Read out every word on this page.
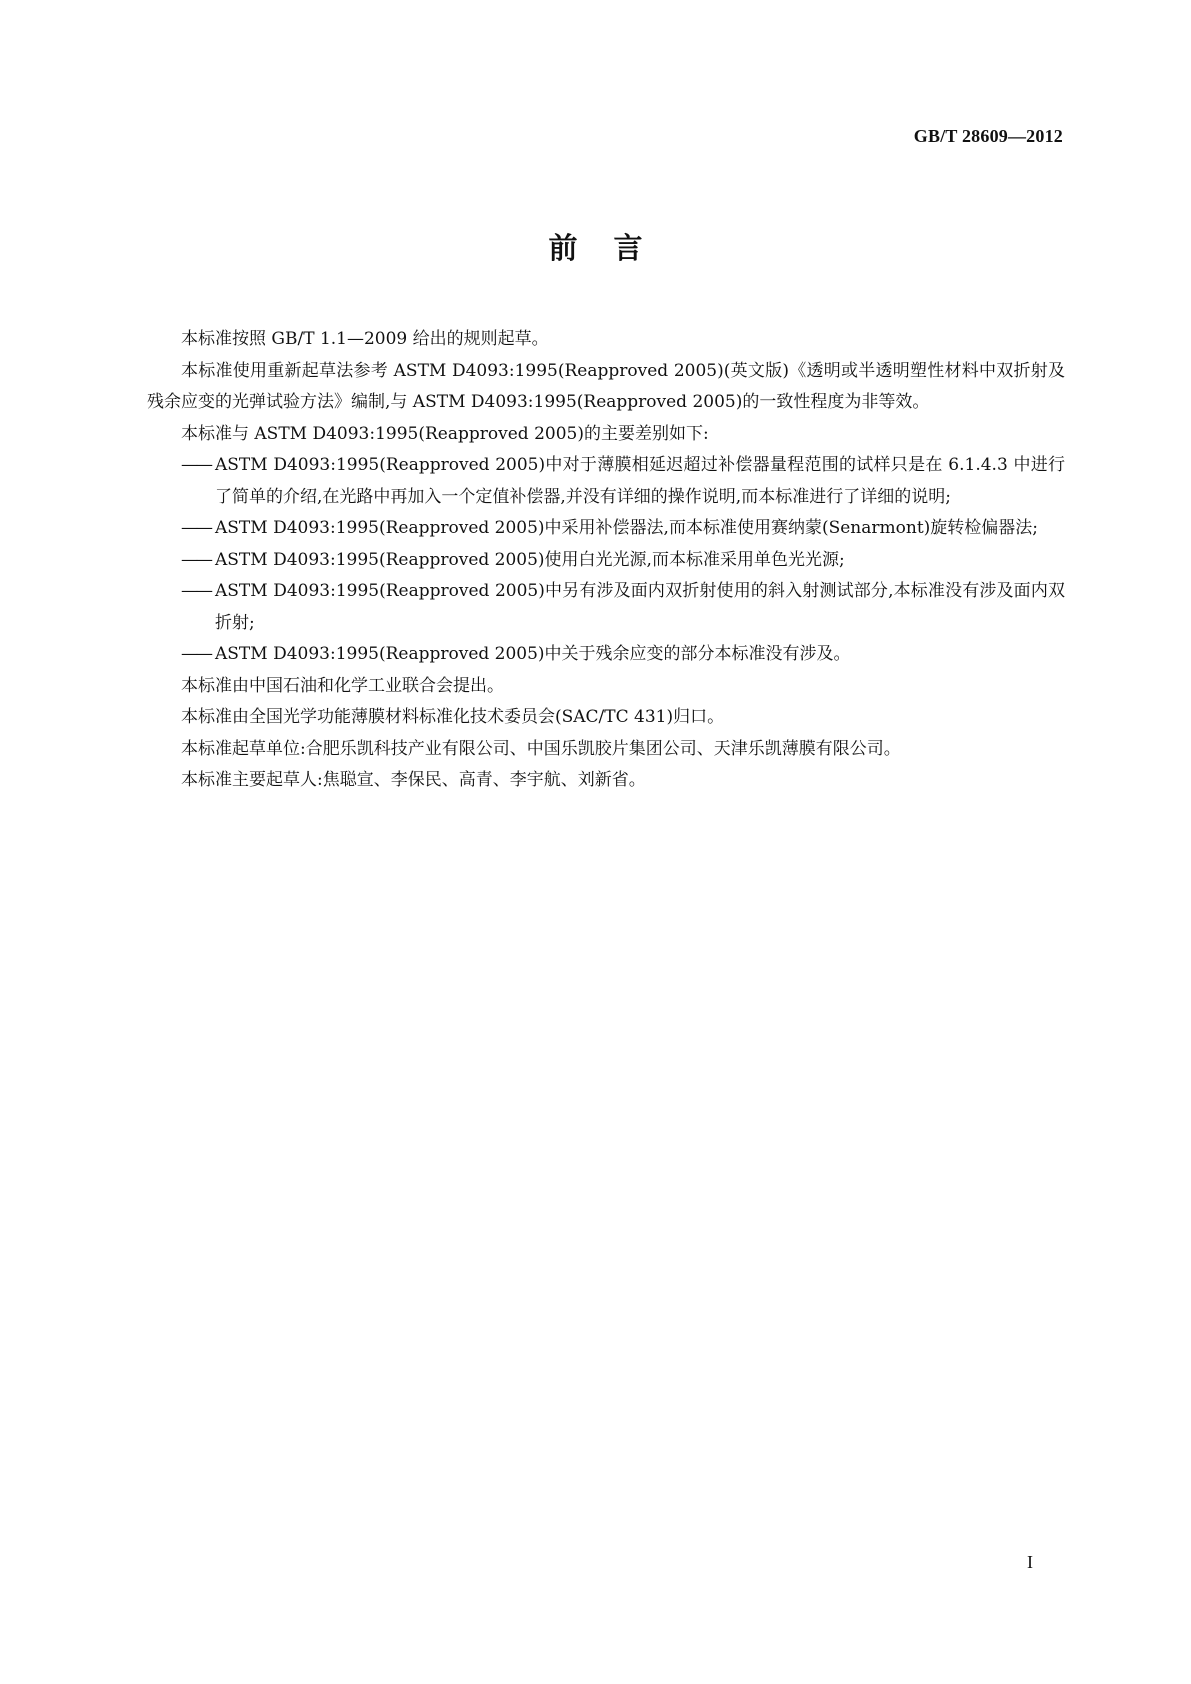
GB/T 28609—2012
前言

本标准按照 GB/T 1.1—2009 给出的规则起草。

本标准使用重新起草法参考 ASTM D4093:1995(Reapproved 2005)(英文版)《透明或半透明塑性材料中双折射及残余应变的光弹试验方法》编制,与 ASTM D4093:1995(Reapproved 2005)的一致性程度为非等效。

本标准与 ASTM D4093:1995(Reapproved 2005)的主要差别如下:

—— ASTM D4093:1995(Reapproved 2005)中对于薄膜相延迟超过补偿器量程范围的试样只是在 6.1.4.3 中进行了简单的介绍,在光路中再加入一个定值补偿器,并没有详细的操作说明,而本标准进行了详细的说明;

—— ASTM D4093:1995(Reapproved 2005)中采用补偿器法,而本标准使用赛纳蒙(Senarmont)旋转检偏器法;

—— ASTM D4093:1995(Reapproved 2005)使用白光光源,而本标准采用单色光光源;

—— ASTM D4093:1995(Reapproved 2005)中另有涉及面内双折射使用的斜入射测试部分,本标准没有涉及面内双折射;

—— ASTM D4093:1995(Reapproved 2005)中关于残余应变的部分本标准没有涉及。

本标准由中国石油和化学工业联合会提出。

本标准由全国光学功能薄膜材料标准化技术委员会(SAC/TC 431)归口。

本标准起草单位:合肥乐凯科技产业有限公司、中国乐凯胶片集团公司、天津乐凯薄膜有限公司。

本标准主要起草人:焦聪宣、李保民、高青、李宇航、刘新省。

I
